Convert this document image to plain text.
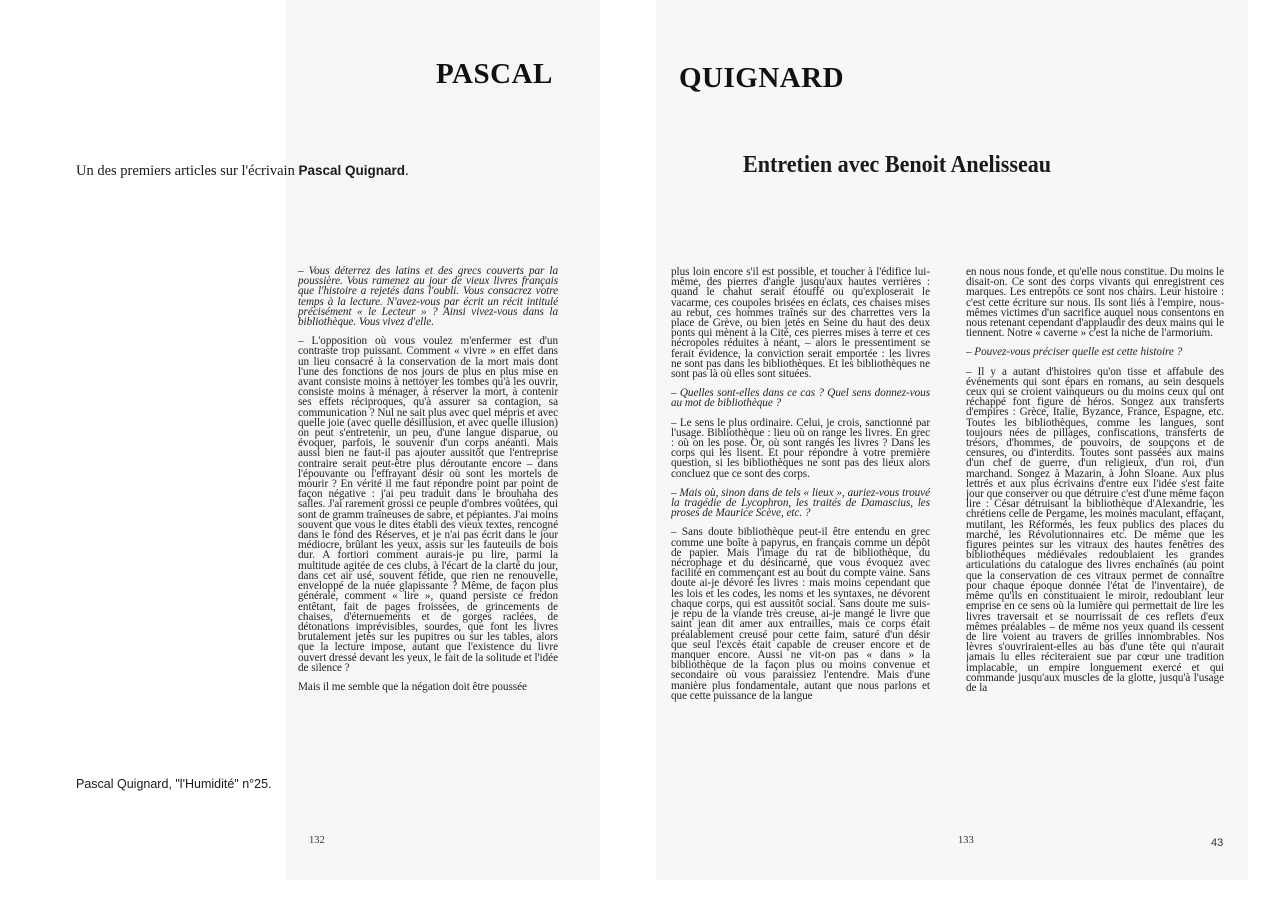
PASCAL	QUIGNARD
Entretien avec Benoit Anelisseau
Un des premiers articles sur l'écrivain Pascal Quignard.
Pascal Quignard, "l'Humidité" n°25.

– Vous déterrez des latins et des grecs couverts par la poussière. Vous ramenez au jour de vieux livres français que l'histoire a rejetés dans l'oubli. Vous consacrez votre temps à la lecture. N'avez-vous par écrit un récit intitulé précisément « le Lecteur » ? Ainsi vivez-vous dans la bibliothèque. Vous vivez d'elle.

– L'opposition où vous voulez m'enfermer est d'un contraste trop puissant. Comment « vivre » en effet dans un lieu consacré à la conservation de la mort mais dont l'une des fonctions de nos jours de plus en plus mise en avant consiste moins à nettoyer les tombes qu'à les ouvrir, consiste moins à ménager, à réserver la mort, à contenir ses effets réciproques, qu'à assurer sa contagion, sa communication ? Nul ne sait plus avec quel mépris et avec quelle joie (avec quelle désillusion, et avec quelle illusion) on peut s'entretenir, un peu, d'une langue disparue, ou évoquer, parfois, le souvenir d'un corps anéanti. Mais aussi bien ne faut-il pas ajouter aussitôt que l'entreprise contraire serait peut-être plus déroutante encore – dans l'épouvante ou l'effrayant désir où sont les mortels de mourir ? En vérité il me faut répondre point par point de façon négative : j'ai peu traduit dans le brouhaha des salles. J'ai rarement grossi ce peuple d'ombres voûtées, qui sont de gramm traîneuses de sabre, et pépiantes. J'ai moins souvent que vous le dites établi des vieux textes, rencogné dans le fond des Réserves, et je n'ai pas écrit dans le jour médiocre, brûlant les yeux, assis sur les fauteuils de bois dur. A fortiori comment aurais-je pu lire, parmi la multitude agitée de ces clubs, à l'écart de la clarté du jour, dans cet air usé, souvent fétide, que rien ne renouvelle, enveloppé de la nuée glapissante ? Même, de façon plus générale, comment « lire », quand persiste ce fredon entêtant, fait de pages froissées, de grincements de chaises, d'éternuements et de gorges raclées, de détonations imprévisibles, sourdes, que font les livres brutalement jetés sur les pupitres ou sur les tables, alors que la lecture impose, autant que l'existence du livre ouvert dressé devant les yeux, le fait de la solitude et l'idée de silence ?

Mais il me semble que la négation doit être poussée

plus loin encore s'il est possible, et toucher à l'édifice lui-même, des pierres d'angle jusqu'aux hautes verrières : quand le chahut serait étouffé ou qu'exploserait le vacarme, ces coupoles brisées en éclats, ces chaises mises au rebut, ces hommes traînés sur des charrettes vers la place de Grève, ou bien jetés en Seine du haut des deux ponts qui mènent à la Cité, ces pierres mises à terre et ces nécropoles réduites à néant, – alors le pressentiment se ferait évidence, la conviction serait emportée : les livres ne sont pas dans les bibliothèques. Et les bibliothèques ne sont pas là où elles sont situées.

– Quelles sont-elles dans ce cas ? Quel sens donnez-vous au mot de bibliothèque ?

– Le sens le plus ordinaire. Celui, je crois, sanctionné par l'usage. Bibliothèque : lieu où on range les livres. En grec : où on les pose. Or, où sont rangés les livres ? Dans les corps qui les lisent. Et pour répondre à votre première question, si les bibliothèques ne sont pas des lieux alors concluez que ce sont des corps.

– Mais où, sinon dans de tels « lieux », auriez-vous trouvé la tragédie de Lycophron, les traités de Damascius, les proses de Maurice Scève, etc. ?

– Sans doute bibliothèque peut-il être entendu en grec comme une boîte à papyrus, en français comme un dépôt de papier. Mais l'image du rat de bibliothèque, du nécrophage et du désincarné, que vous évoquez avec facilité en commençant est au bout du compte vaine. Sans doute ai-je dévoré les livres : mais moins cependant que les lois et les codes, les noms et les syntaxes, ne dévorent chaque corps, qui est aussitôt social. Sans doute me suis-je repu de la viande très creuse, ai-je mangé le livre que saint jean dit amer aux entrailles, mais ce corps était préalablement creusé pour cette faim, saturé d'un désir que seul l'excès était capable de creuser encore et de manquer encore. Aussi ne vit-on pas « dans » la bibliothèque de la façon plus ou moins convenue et secondaire où vous paraissiez l'entendre. Mais d'une manière plus fondamentale, autant que nous parlons et que cette puissance de la langue

en nous nous fonde, et qu'elle nous constitue. Du moins le disait-on. Ce sont des corps vivants qui enregistrent ces marques. Les entrepôts ce sont nos chairs. Leur histoire : c'est cette écriture sur nous. Ils sont liés à l'empire, nous-mêmes victimes d'un sacrifice auquel nous consentons en nous retenant cependant d'applaudir des deux mains qui le tiennent. Notre « caverne » c'est la niche de l'armorium.

– Pouvez-vous préciser quelle est cette histoire ?

– Il y a autant d'histoires qu'on tisse et affabule des événements qui sont épars en romans, au sein desquels ceux qui se croient vainqueurs ou du moins ceux qui ont réchappé font figure de héros. Songez aux transferts d'empires : Grèce, Italie, Byzance, France, Espagne, etc. Toutes les bibliothèques, comme les langues, sont toujours nées de pillages, confiscations, transferts de trésors, d'hommes, de pouvoirs, de soupçons et de censures, ou d'interdits. Toutes sont passées aux mains d'un chef de guerre, d'un religieux, d'un roi, d'un marchand. Songez à Mazarin, à John Sloane. Aux plus lettrés et aux plus écrivains d'entre eux l'idée s'est faite jour que conserver ou que détruire c'est d'une même façon lire : César détruisant la bibliothèque d'Alexandrie, les chrétiens celle de Pergame, les moines maculant, effaçant, mutilant, les Réformés, les feux publics des places du marché, les Révolutionnaires etc. De même que les figures peintes sur les vitraux des hautes fenêtres des bibliothèques médiévales redoublaient les grandes articulations du catalogue des livres enchaînés (au point que la conservation de ces vitraux permet de connaître pour chaque époque donnée l'état de l'inventaire), de même qu'ils en constituaient le miroir, redoublant leur emprise en ce sens où la lumière qui permettait de lire les livres traversait et se nourrissait de ces reflets d'eux mêmes préalables – de même nos yeux quand ils cessent de lire voient au travers de grilles innombrables. Nos lèvres s'ouvriraient-elles au bas d'une tête qui n'aurait jamais lu elles réciteraient sue par cœur une tradition implacable, un empire longuement exercé et qui commande jusqu'aux muscles de la glotte, jusqu'à l'usage de la

132	133	43
